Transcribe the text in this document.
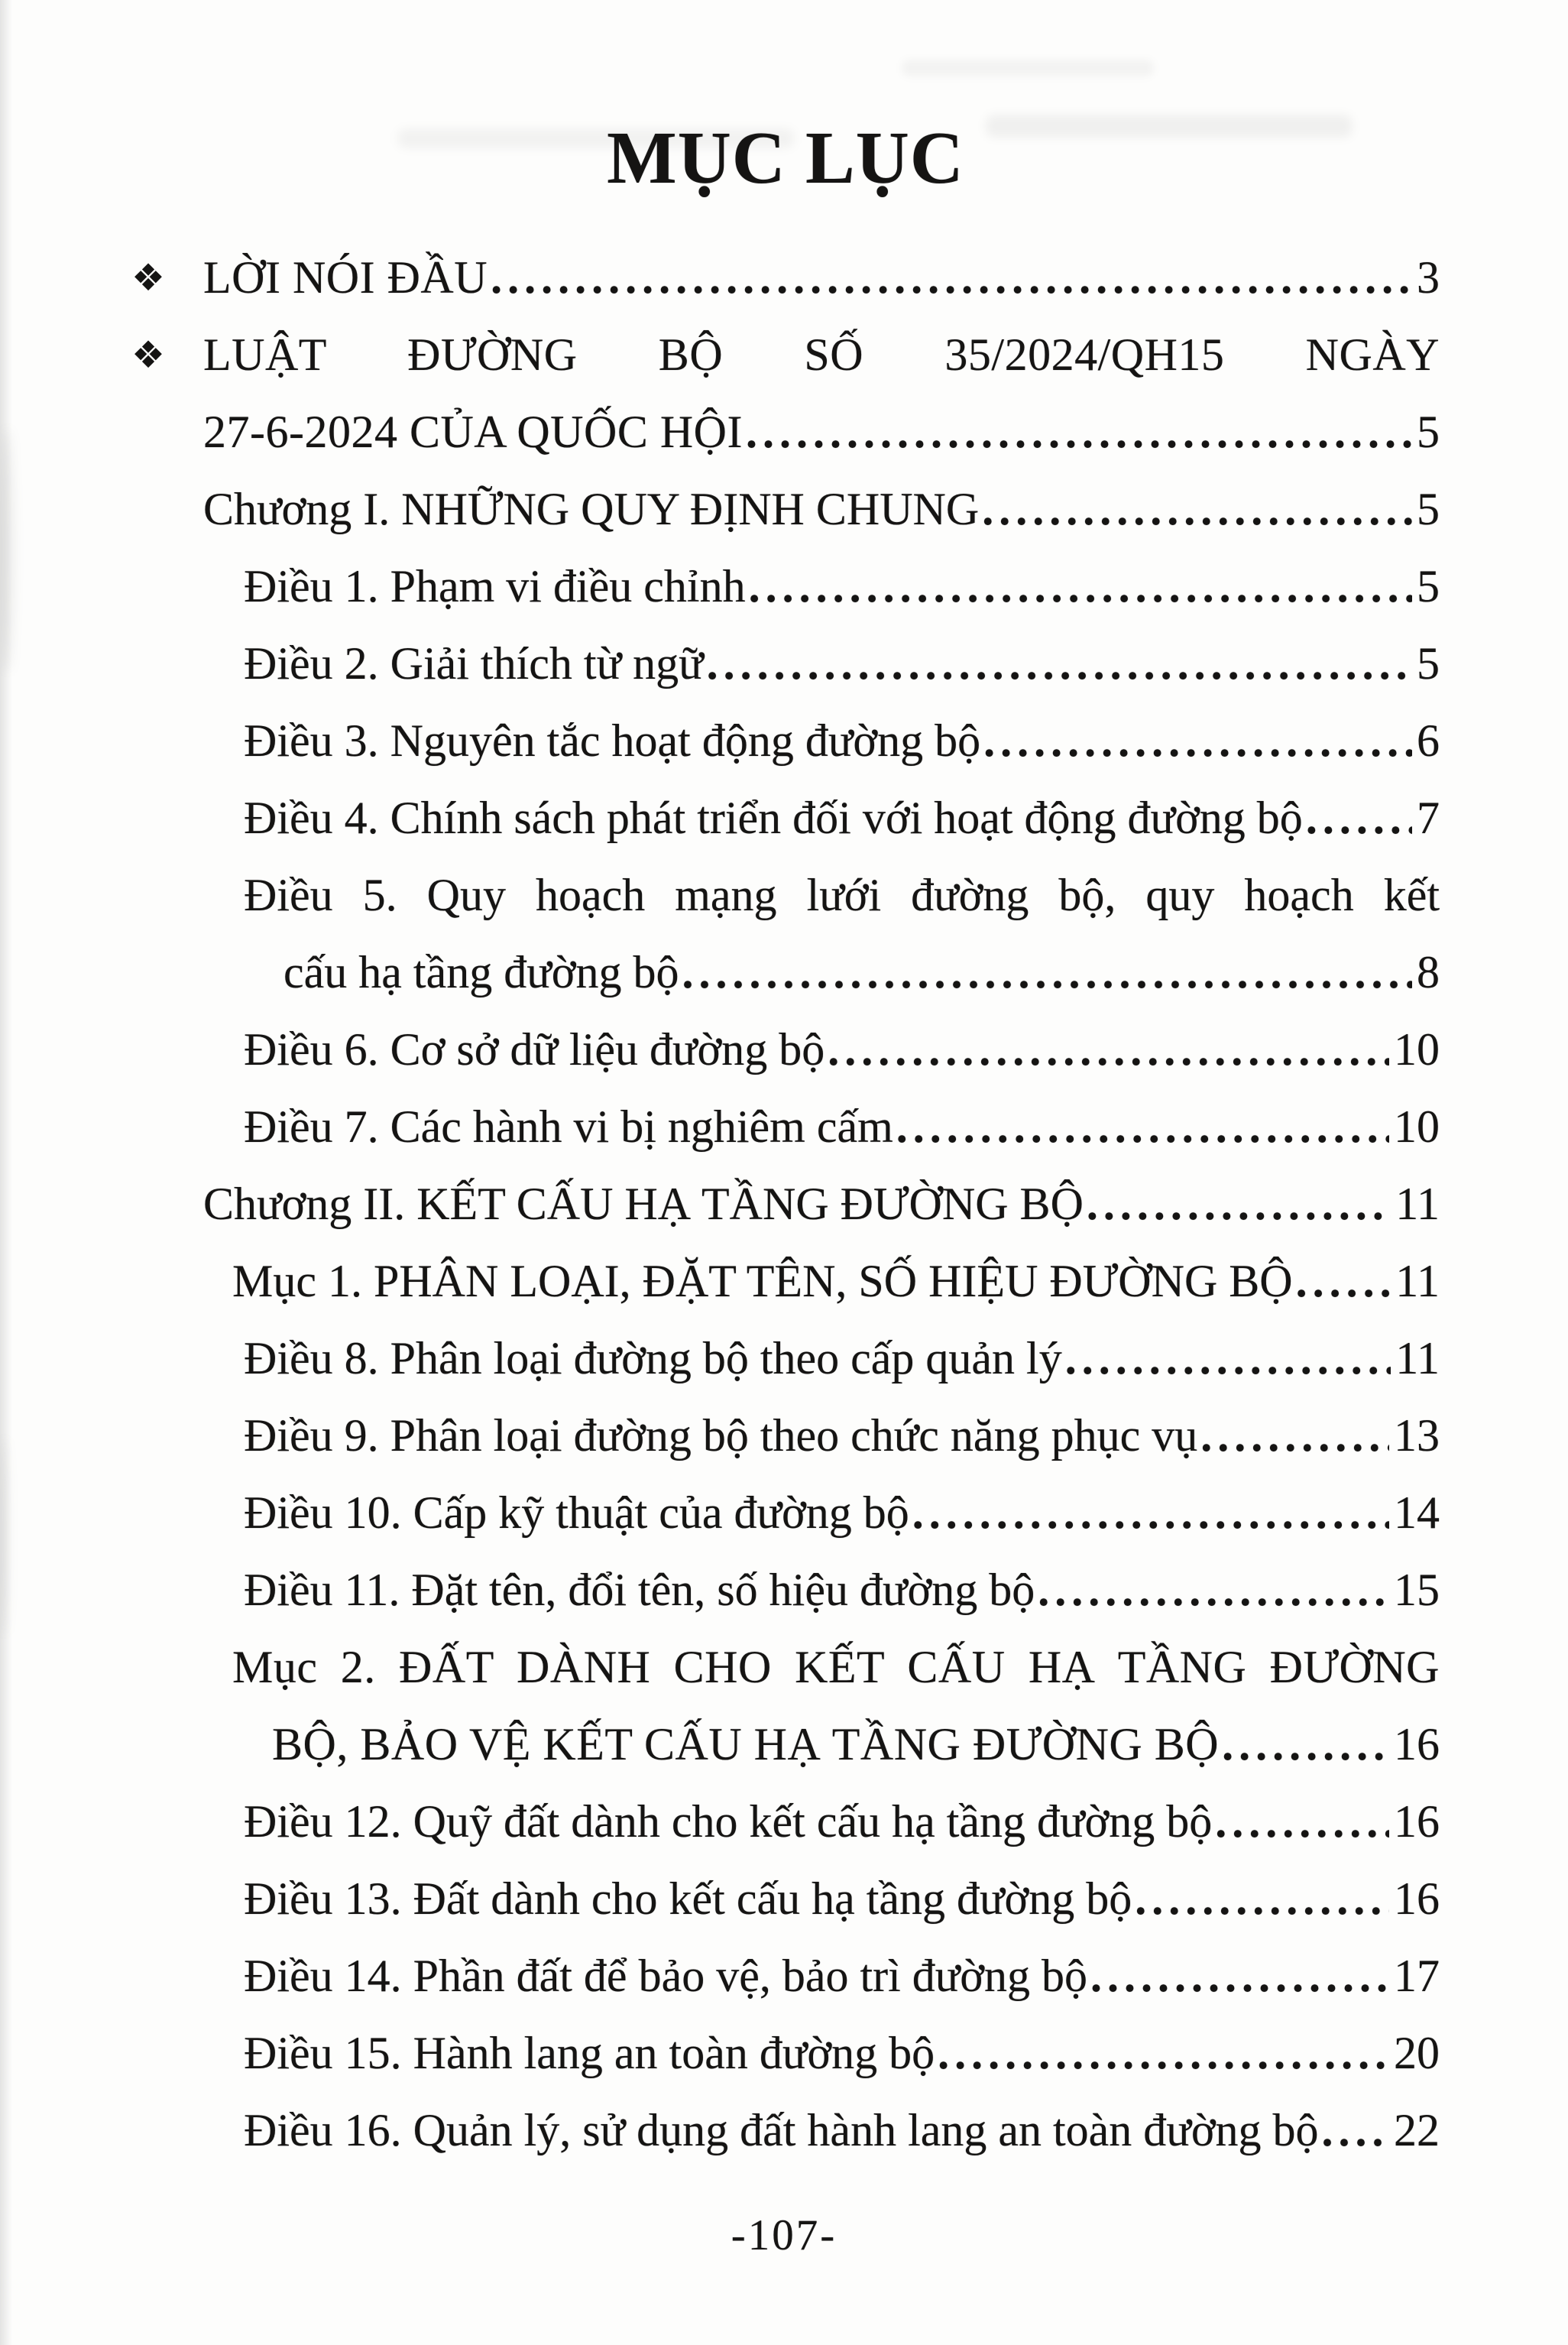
MỤC LỤC
❖ LỜI NÓI ĐẦU .....	3
❖ LUẬT ĐƯỜNG BỘ SỐ 35/2024/QH15 NGÀY
27-6-2024 CỦA QUỐC HỘI .....	5
Chương I. NHỮNG QUY ĐỊNH CHUNG .....	5
Điều 1. Phạm vi điều chỉnh .....	5
Điều 2. Giải thích từ ngữ .....	5
Điều 3. Nguyên tắc hoạt động đường bộ .....	6
Điều 4. Chính sách phát triển đối với hoạt động đường bộ ..... 7
Điều 5. Quy hoạch mạng lưới đường bộ, quy hoạch kết
cấu hạ tầng đường bộ .....	8
Điều 6. Cơ sở dữ liệu đường bộ .....	10
Điều 7. Các hành vi bị nghiêm cấm .....	10
Chương II. KẾT CẤU HẠ TẦNG ĐƯỜNG BỘ .....	11
Mục 1. PHÂN LOẠI, ĐẶT TÊN, SỐ HIỆU ĐƯỜNG BỘ ..... 11
Điều 8. Phân loại đường bộ theo cấp quản lý .....	11
Điều 9. Phân loại đường bộ theo chức năng phục vụ .....	13
Điều 10. Cấp kỹ thuật của đường bộ .....	14
Điều 11. Đặt tên, đổi tên, số hiệu đường bộ .....	15
Mục 2. ĐẤT DÀNH CHO KẾT CẤU HẠ TẦNG ĐƯỜNG
BỘ, BẢO VỆ KẾT CẤU HẠ TẦNG ĐƯỜNG BỘ .....	16
Điều 12. Quỹ đất dành cho kết cấu hạ tầng đường bộ .....	16
Điều 13. Đất dành cho kết cấu hạ tầng đường bộ .....	16
Điều 14. Phần đất để bảo vệ, bảo trì đường bộ .....	17
Điều 15. Hành lang an toàn đường bộ .....	20
Điều 16. Quản lý, sử dụng đất hành lang an toàn đường bộ ..... 22
-107-
